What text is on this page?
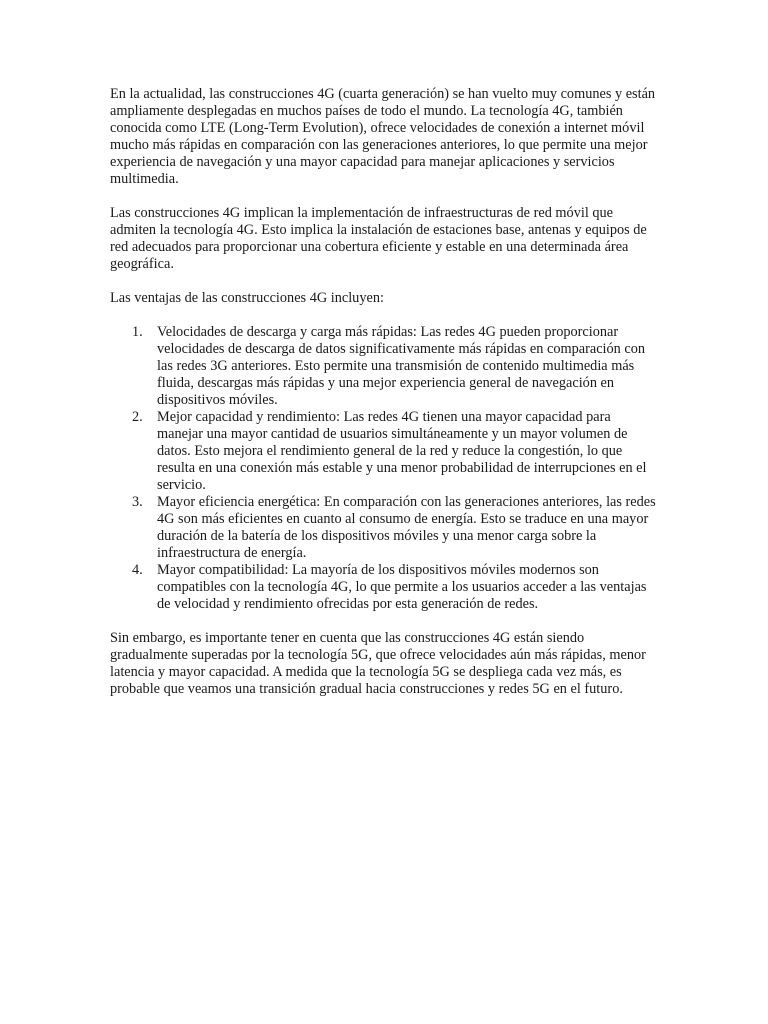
En la actualidad, las construcciones 4G (cuarta generación) se han vuelto muy comunes y están ampliamente desplegadas en muchos países de todo el mundo. La tecnología 4G, también conocida como LTE (Long-Term Evolution), ofrece velocidades de conexión a internet móvil mucho más rápidas en comparación con las generaciones anteriores, lo que permite una mejor experiencia de navegación y una mayor capacidad para manejar aplicaciones y servicios multimedia.

Las construcciones 4G implican la implementación de infraestructuras de red móvil que admiten la tecnología 4G. Esto implica la instalación de estaciones base, antenas y equipos de red adecuados para proporcionar una cobertura eficiente y estable en una determinada área geográfica.

Las ventajas de las construcciones 4G incluyen:

1. Velocidades de descarga y carga más rápidas: Las redes 4G pueden proporcionar velocidades de descarga de datos significativamente más rápidas en comparación con las redes 3G anteriores. Esto permite una transmisión de contenido multimedia más fluida, descargas más rápidas y una mejor experiencia general de navegación en dispositivos móviles.
2. Mejor capacidad y rendimiento: Las redes 4G tienen una mayor capacidad para manejar una mayor cantidad de usuarios simultáneamente y un mayor volumen de datos. Esto mejora el rendimiento general de la red y reduce la congestión, lo que resulta en una conexión más estable y una menor probabilidad de interrupciones en el servicio.
3. Mayor eficiencia energética: En comparación con las generaciones anteriores, las redes 4G son más eficientes en cuanto al consumo de energía. Esto se traduce en una mayor duración de la batería de los dispositivos móviles y una menor carga sobre la infraestructura de energía.
4. Mayor compatibilidad: La mayoría de los dispositivos móviles modernos son compatibles con la tecnología 4G, lo que permite a los usuarios acceder a las ventajas de velocidad y rendimiento ofrecidas por esta generación de redes.

Sin embargo, es importante tener en cuenta que las construcciones 4G están siendo gradualmente superadas por la tecnología 5G, que ofrece velocidades aún más rápidas, menor latencia y mayor capacidad. A medida que la tecnología 5G se despliega cada vez más, es probable que veamos una transición gradual hacia construcciones y redes 5G en el futuro.
